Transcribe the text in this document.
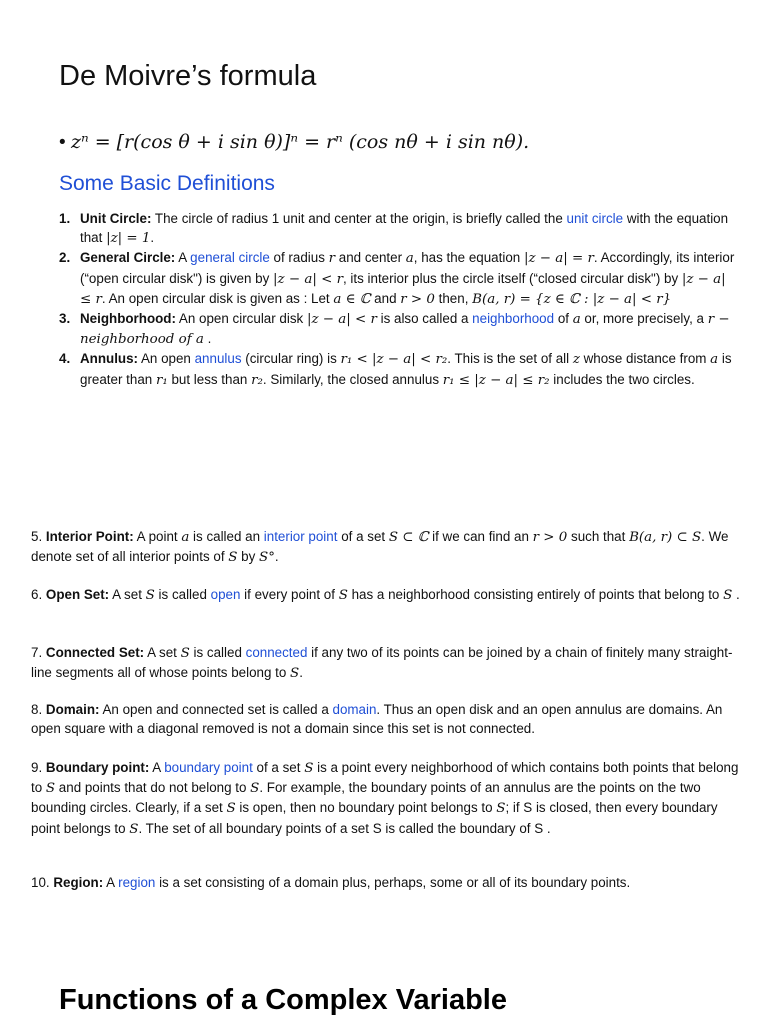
De Moivre’s formula
• zⁿ = [r(cos θ + i sin θ)]ⁿ = rⁿ (cos nθ + i sin nθ).
Some Basic Definitions
1. Unit Circle: The circle of radius 1 unit and center at the origin, is briefly called the unit circle with the equation that |z| = 1.
2. General Circle: A general circle of radius r and center a, has the equation |z − a| = r. Accordingly, its interior (“open circular disk") is given by |z − a| < r, its interior plus the circle itself (“closed circular disk") by |z − a| ≤ r. An open circular disk is given as : Let a ∈ ℂ and r > 0 then, B(a, r) = {z ∈ ℂ : |z − a| < r}
3. Neighborhood: An open circular disk |z − a| < r is also called a neighborhood of a or, more precisely, a r − neighborhood of a .
4. Annulus: An open annulus (circular ring) is r₁ < |z − a| < r₂. This is the set of all z whose distance from a is greater than r₁ but less than r₂. Similarly, the closed annulus r₁ ≤ |z − a| ≤ r₂ includes the two circles.
5. Interior Point: A point a is called an interior point of a set S ⊂ ℂ if we can find an r > 0 such that B(a, r) ⊂ S. We denote set of all interior points of S by S°.
6. Open Set: A set S is called open if every point of S has a neighborhood consisting entirely of points that belong to S .
7. Connected Set: A set S is called connected if any two of its points can be joined by a chain of finitely many straight-line segments all of whose points belong to S.
8. Domain: An open and connected set is called a domain. Thus an open disk and an open annulus are domains. An open square with a diagonal removed is not a domain since this set is not connected.
9. Boundary point: A boundary point of a set S is a point every neighborhood of which contains both points that belong to S and points that do not belong to S. For example, the boundary points of an annulus are the points on the two bounding circles. Clearly, if a set S is open, then no boundary point belongs to S; if S is closed, then every boundary point belongs to S. The set of all boundary points of a set S is called the boundary of S .
10. Region: A region is a set consisting of a domain plus, perhaps, some or all of its boundary points.
Functions of a Complex Variable
